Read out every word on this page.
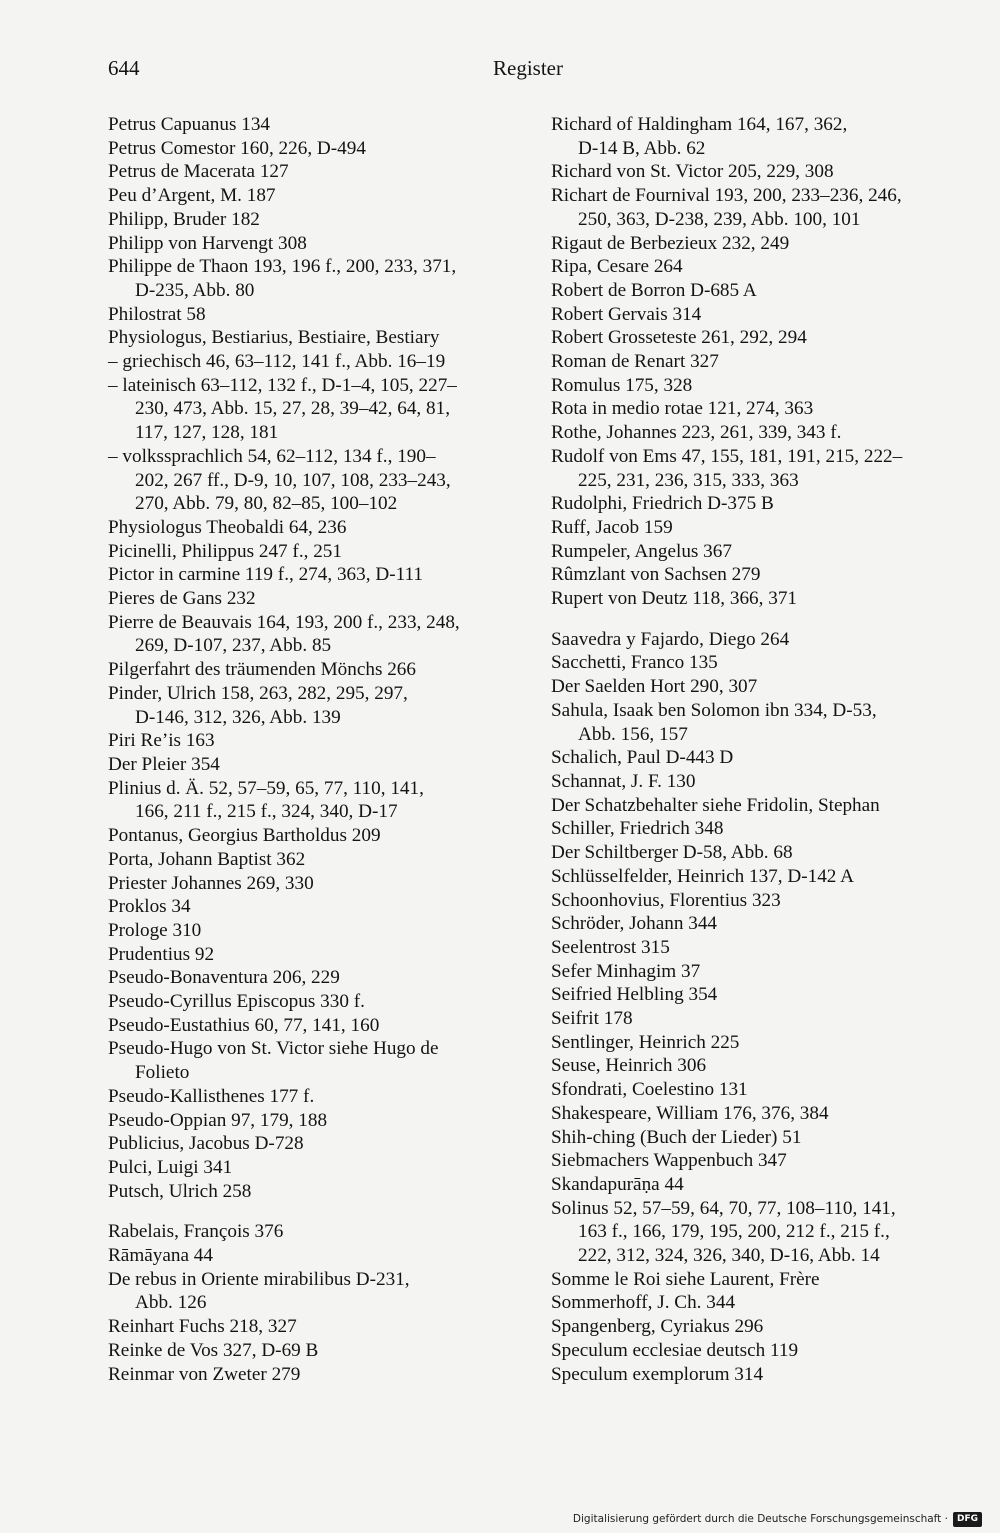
644	Register
Petrus Capuanus 134
Petrus Comestor 160, 226, D-494
Petrus de Macerata 127
Peu d’Argent, M. 187
Philipp, Bruder 182
Philipp von Harvengt 308
Philippe de Thaon 193, 196 f., 200, 233, 371,
D-235, Abb. 80
Philostrat 58
Physiologus, Bestiarius, Bestiaire, Bestiary
– griechisch 46, 63–112, 141 f., Abb. 16–19
– lateinisch 63–112, 132 f., D-1–4, 105, 227–
230, 473, Abb. 15, 27, 28, 39–42, 64, 81,
117, 127, 128, 181
– volkssprachlich 54, 62–112, 134 f., 190–
202, 267 ff., D-9, 10, 107, 108, 233–243,
270, Abb. 79, 80, 82–85, 100–102
Physiologus Theobaldi 64, 236
Picinelli, Philippus 247 f., 251
Pictor in carmine 119 f., 274, 363, D-111
Pieres de Gans 232
Pierre de Beauvais 164, 193, 200 f., 233, 248,
269, D-107, 237, Abb. 85
Pilgerfahrt des träumenden Mönchs 266
Pinder, Ulrich 158, 263, 282, 295, 297,
D-146, 312, 326, Abb. 139
Piri Re’is 163
Der Pleier 354
Plinius d. Ä. 52, 57–59, 65, 77, 110, 141,
166, 211 f., 215 f., 324, 340, D-17
Pontanus, Georgius Bartholdus 209
Porta, Johann Baptist 362
Priester Johannes 269, 330
Proklos 34
Prologe 310
Prudentius 92
Pseudo-Bonaventura 206, 229
Pseudo-Cyrillus Episcopus 330 f.
Pseudo-Eustathius 60, 77, 141, 160
Pseudo-Hugo von St. Victor siehe Hugo de
Folieto
Pseudo-Kallisthenes 177 f.
Pseudo-Oppian 97, 179, 188
Publicius, Jacobus D-728
Pulci, Luigi 341
Putsch, Ulrich 258
Rabelais, François 376
Rāmāyana 44
De rebus in Oriente mirabilibus D-231,
Abb. 126
Reinhart Fuchs 218, 327
Reinke de Vos 327, D-69 B
Reinmar von Zweter 279
Richard of Haldingham 164, 167, 362,
D-14 B, Abb. 62
Richard von St. Victor 205, 229, 308
Richart de Fournival 193, 200, 233–236, 246,
250, 363, D-238, 239, Abb. 100, 101
Rigaut de Berbezieux 232, 249
Ripa, Cesare 264
Robert de Borron D-685 A
Robert Gervais 314
Robert Grosseteste 261, 292, 294
Roman de Renart 327
Romulus 175, 328
Rota in medio rotae 121, 274, 363
Rothe, Johannes 223, 261, 339, 343 f.
Rudolf von Ems 47, 155, 181, 191, 215, 222–
225, 231, 236, 315, 333, 363
Rudolphi, Friedrich D-375 B
Ruff, Jacob 159
Rumpeler, Angelus 367
Rûmzlant von Sachsen 279
Rupert von Deutz 118, 366, 371
Saavedra y Fajardo, Diego 264
Sacchetti, Franco 135
Der Saelden Hort 290, 307
Sahula, Isaak ben Solomon ibn 334, D-53,
Abb. 156, 157
Schalich, Paul D-443 D
Schannat, J. F. 130
Der Schatzbehalter siehe Fridolin, Stephan
Schiller, Friedrich 348
Der Schiltberger D-58, Abb. 68
Schlüsselfelder, Heinrich 137, D-142 A
Schoonhovius, Florentius 323
Schröder, Johann 344
Seelentrost 315
Sefer Minhagim 37
Seifried Helbling 354
Seifrit 178
Sentlinger, Heinrich 225
Seuse, Heinrich 306
Sfondrati, Coelestino 131
Shakespeare, William 176, 376, 384
Shih-ching (Buch der Lieder) 51
Siebmachers Wappenbuch 347
Skandapurāṇa 44
Solinus 52, 57–59, 64, 70, 77, 108–110, 141,
163 f., 166, 179, 195, 200, 212 f., 215 f.,
222, 312, 324, 326, 340, D-16, Abb. 14
Somme le Roi siehe Laurent, Frère
Sommerhoff, J. Ch. 344
Spangenberg, Cyriakus 296
Speculum ecclesiae deutsch 119
Speculum exemplorum 314
Digitalisierung gefördert durch die Deutsche Forschungsgemeinschaft ·	DFG
